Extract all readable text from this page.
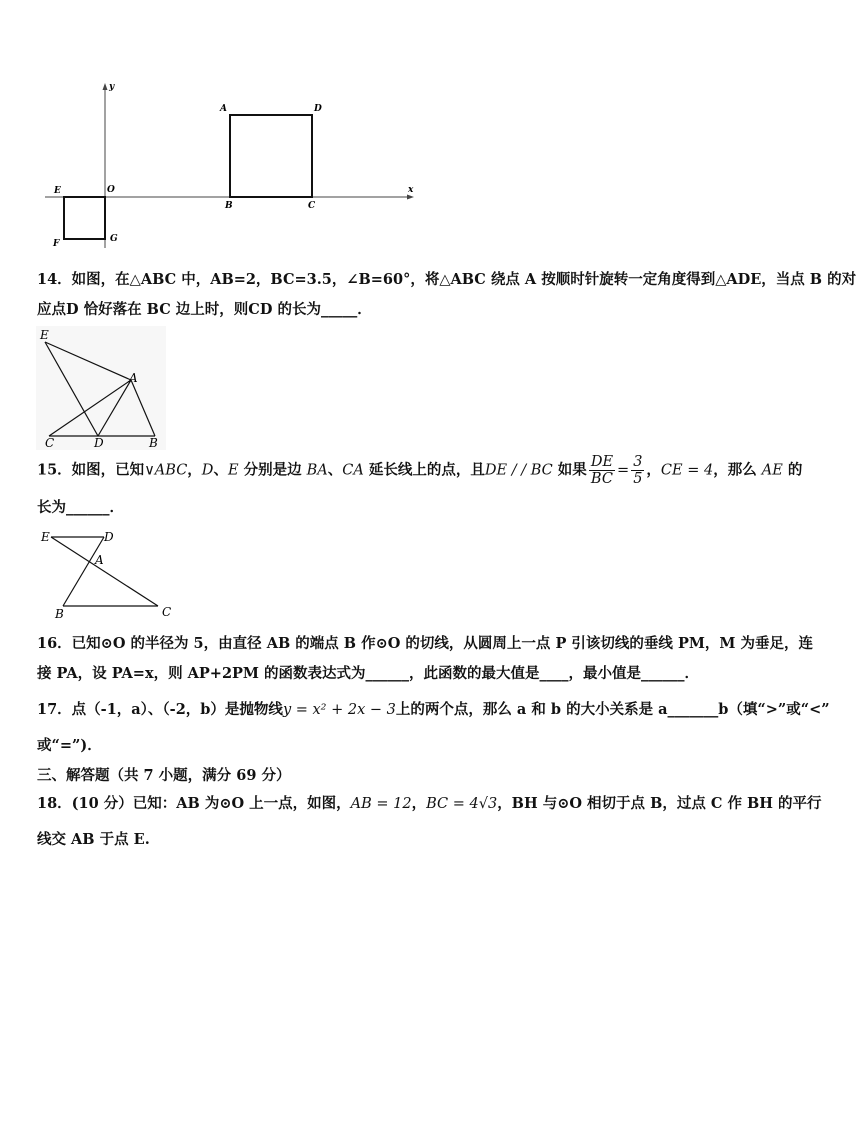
y
x
O
A	D
B	C
E
F	G
14．如图，在△ABC 中，AB=2，BC=3.5，∠B=60°，将△ABC 绕点 A 按顺时针旋转一定角度得到△ADE，当点 B 的对
应点D 恰好落在 BC 边上时，则CD 的长为_____．
E
A
C	D	B
15．如图，已知∨ABC，D、E 分别是边 BA、CA 延长线上的点，且DE / / BC 如果 $\frac{DE}{BC} = \frac{3}{5}$ ，CE = 4，那么 AE 的
长为______．
E	D
A
B	C
16．已知⊙O 的半径为 5，由直径 AB 的端点 B 作⊙O 的切线，从圆周上一点 P 引该切线的垂线 PM，M 为垂足，连
接 PA，设 PA=x，则 AP+2PM 的函数表达式为______，此函数的最大值是____，最小值是______．
17．点（-1，a）、（-2，b）是抛物线y = x² + 2x − 3上的两个点，那么 a 和 b 的大小关系是 a_______b（填“>”或“<”
或“=”)．
三、解答题（共 7 小题，满分 69 分）
18．(10 分）已知：AB 为⊙O 上一点，如图，AB = 12，BC = 4√3，BH 与⊙O 相切于点 B，过点 C 作 BH 的平行
线交 AB 于点 E.
